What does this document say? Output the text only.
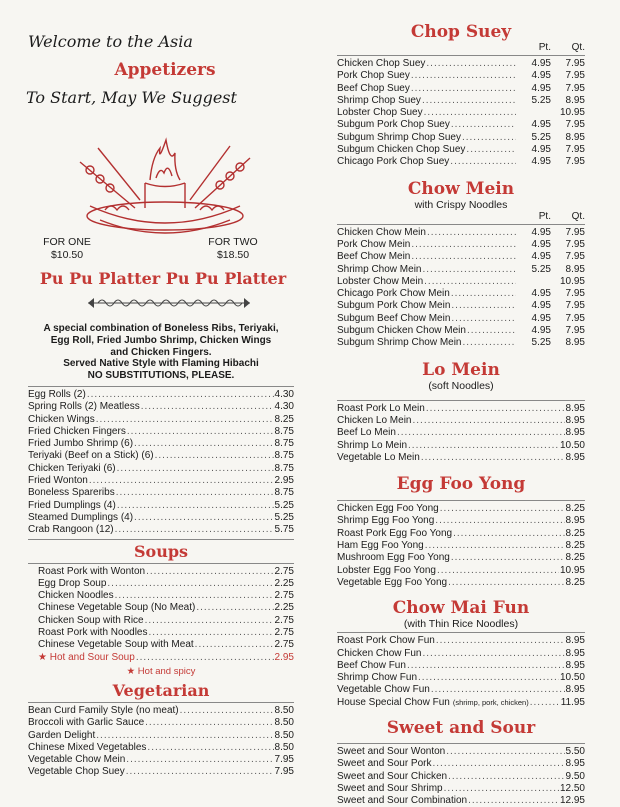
Welcome to the Asia
Appetizers
To Start, May We Suggest
FOR ONE
$10.50
FOR TWO
$18.50
Pu Pu Platter Pu Pu Platter
A special combination of Boneless Ribs, Teriyaki,
Egg Roll, Fried Jumbo Shrimp, Chicken Wings
and Chicken Fingers.
Served Native Style with Flaming Hibachi
NO SUBSTITUTIONS, PLEASE.
Egg Rolls (2) .....	4.30
Spring Rolls (2) Meatless .....	4.30
Chicken Wings .....	8.25
Fried Chicken Fingers .....	8.75
Fried Jumbo Shrimp (6) .....	8.75
Teriyaki (Beef on a Stick) (6) .....	8.75
Chicken Teriyaki (6) .....	8.75
Fried Wonton .....	2.95
Boneless Spareribs .....	8.75
Fried Dumplings (4) .....	5.25
Steamed Dumplings (4) .....	5.25
Crab Rangoon (12) .....	5.75
Soups
Roast Pork with Wonton .....	2.75
Egg Drop Soup .....	2.25
Chicken Noodles .....	2.75
Chinese Vegetable Soup (No Meat) .....	2.25
Chicken Soup with Rice .....	2.75
Roast Pork with Noodles .....	2.75
Chinese Vegetable Soup with Meat .....	2.75
★ Hot and Sour Soup .....	2.95
★ Hot and spicy
Vegetarian
Bean Curd Family Style (no meat) .....	8.50
Broccoli with Garlic Sauce .....	8.50
Garden Delight .....	8.50
Chinese Mixed Vegetables .....	8.50
Vegetable Chow Mein .....	7.95
Vegetable Chop Suey .....	7.95
Chop Suey
Pt.	Qt.
Chicken Chop Suey .....	4.95	7.95
Pork Chop Suey .....	4.95	7.95
Beef Chop Suey .....	4.95	7.95
Shrimp Chop Suey .....	5.25	8.95
Lobster Chop Suey .....	10.95
Subgum Pork Chop Suey .....	4.95	7.95
Subgum Shrimp Chop Suey .....	5.25	8.95
Subgum Chicken Chop Suey .....	4.95	7.95
Chicago Pork Chop Suey .....	4.95	7.95
Chow Mein
with Crispy Noodles
Pt.	Qt.
Chicken Chow Mein .....	4.95	7.95
Pork Chow Mein .....	4.95	7.95
Beef Chow Mein .....	4.95	7.95
Shrimp Chow Mein .....	5.25	8.95
Lobster Chow Mein .....	10.95
Chicago Pork Chow Mein .....	4.95	7.95
Subgum Pork Chow Mein .....	4.95	7.95
Subgum Beef Chow Mein .....	4.95	7.95
Subgum Chicken Chow Mein .....	4.95	7.95
Subgum Shrimp Chow Mein .....	5.25	8.95
Lo Mein
(soft Noodles)
Roast Pork Lo Mein .....	8.95
Chicken Lo Mein .....	8.95
Beef Lo Mein .....	8.95
Shrimp Lo Mein .....	10.50
Vegetable Lo Mein .....	8.95
Egg Foo Yong
Chicken Egg Foo Yong .....	8.25
Shrimp Egg Foo Yong .....	8.95
Roast Pork Egg Foo Yong .....	8.25
Ham Egg Foo Yong .....	8.25
Mushroom Egg Foo Yong .....	8.25
Lobster Egg Foo Yong .....	10.95
Vegetable Egg Foo Yong .....	8.25
Chow Mai Fun
(with Thin Rice Noodles)
Roast Pork Chow Fun .....	8.95
Chicken Chow Fun .....	8.95
Beef Chow Fun .....	8.95
Shrimp Chow Fun .....	10.50
Vegetable Chow Fun .....	8.95
House Special Chow Fun (shrimp, pork, chicken) .....	11.95
Sweet and Sour
Sweet and Sour Wonton .....	5.50
Sweet and Sour Pork .....	8.95
Sweet and Sour Chicken .....	9.50
Sweet and Sour Shrimp .....	12.50
Sweet and Sour Combination .....	12.95
